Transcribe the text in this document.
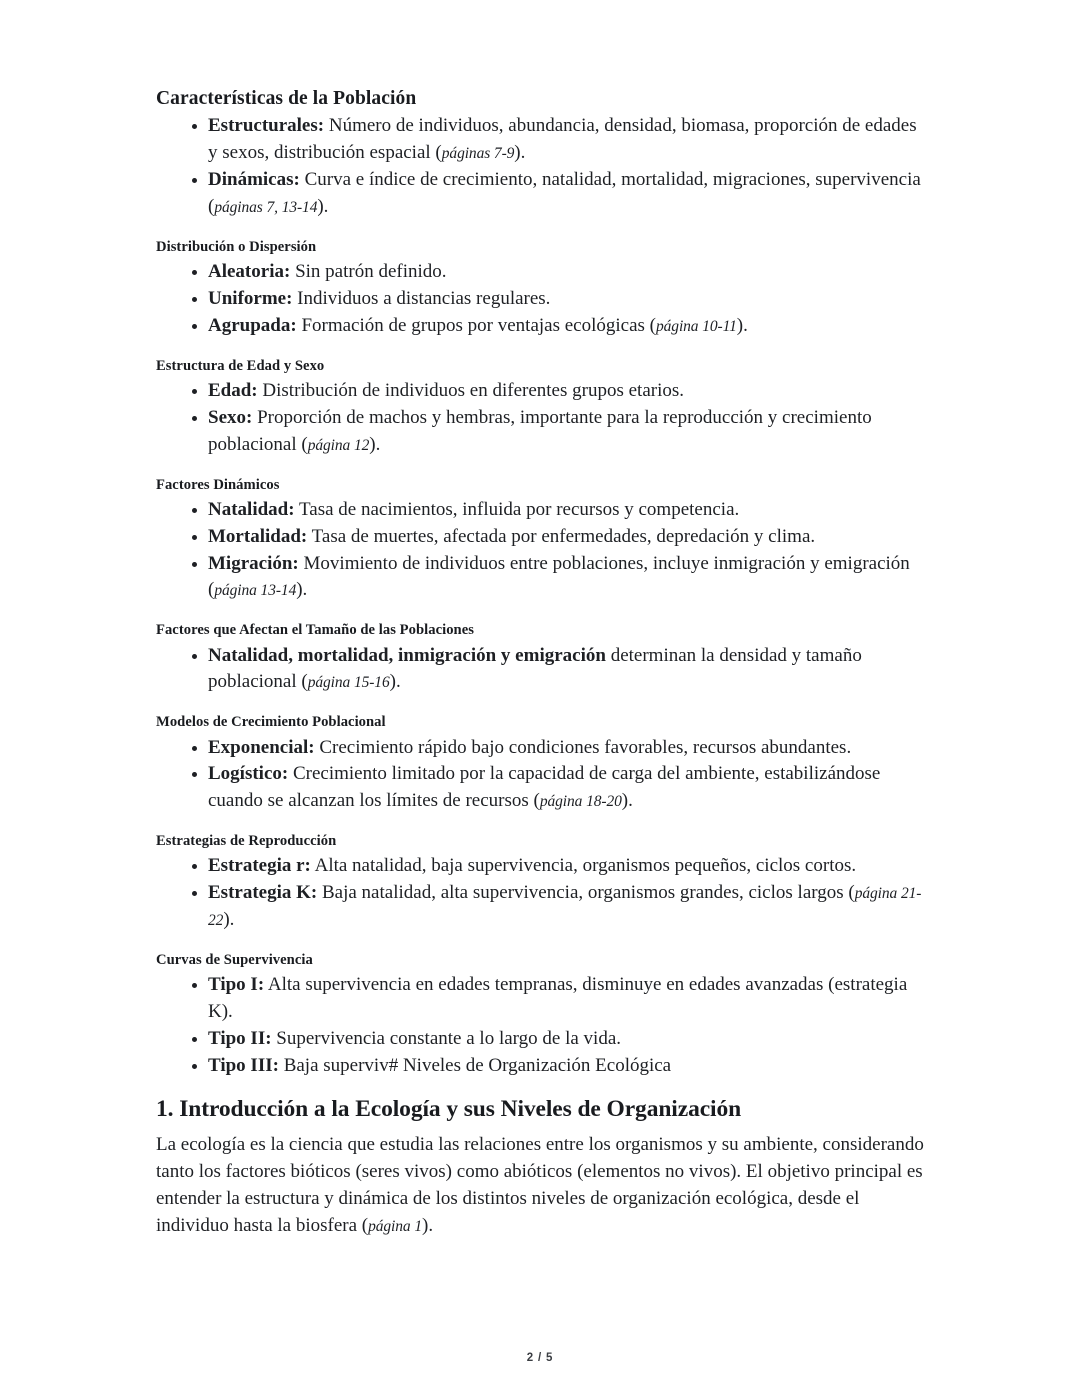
Características de la Población
Estructurales: Número de individuos, abundancia, densidad, biomasa, proporción de edades y sexos, distribución espacial (páginas 7-9).
Dinámicas: Curva e índice de crecimiento, natalidad, mortalidad, migraciones, supervivencia (páginas 7, 13-14).
Distribución o Dispersión
Aleatoria: Sin patrón definido.
Uniforme: Individuos a distancias regulares.
Agrupada: Formación de grupos por ventajas ecológicas (página 10-11).
Estructura de Edad y Sexo
Edad: Distribución de individuos en diferentes grupos etarios.
Sexo: Proporción de machos y hembras, importante para la reproducción y crecimiento poblacional (página 12).
Factores Dinámicos
Natalidad: Tasa de nacimientos, influida por recursos y competencia.
Mortalidad: Tasa de muertes, afectada por enfermedades, depredación y clima.
Migración: Movimiento de individuos entre poblaciones, incluye inmigración y emigración (página 13-14).
Factores que Afectan el Tamaño de las Poblaciones
Natalidad, mortalidad, inmigración y emigración determinan la densidad y tamaño poblacional (página 15-16).
Modelos de Crecimiento Poblacional
Exponencial: Crecimiento rápido bajo condiciones favorables, recursos abundantes.
Logístico: Crecimiento limitado por la capacidad de carga del ambiente, estabilizándose cuando se alcanzan los límites de recursos (página 18-20).
Estrategias de Reproducción
Estrategia r: Alta natalidad, baja supervivencia, organismos pequeños, ciclos cortos.
Estrategia K: Baja natalidad, alta supervivencia, organismos grandes, ciclos largos (página 21-22).
Curvas de Supervivencia
Tipo I: Alta supervivencia en edades tempranas, disminuye en edades avanzadas (estrategia K).
Tipo II: Supervivencia constante a lo largo de la vida.
Tipo III: Baja superviv# Niveles de Organización Ecológica
1. Introducción a la Ecología y sus Niveles de Organización

La ecología es la ciencia que estudia las relaciones entre los organismos y su ambiente, considerando tanto los factores bióticos (seres vivos) como abióticos (elementos no vivos). El objetivo principal es entender la estructura y dinámica de los distintos niveles de organización ecológica, desde el individuo hasta la biosfera (página 1).

2 / 5
